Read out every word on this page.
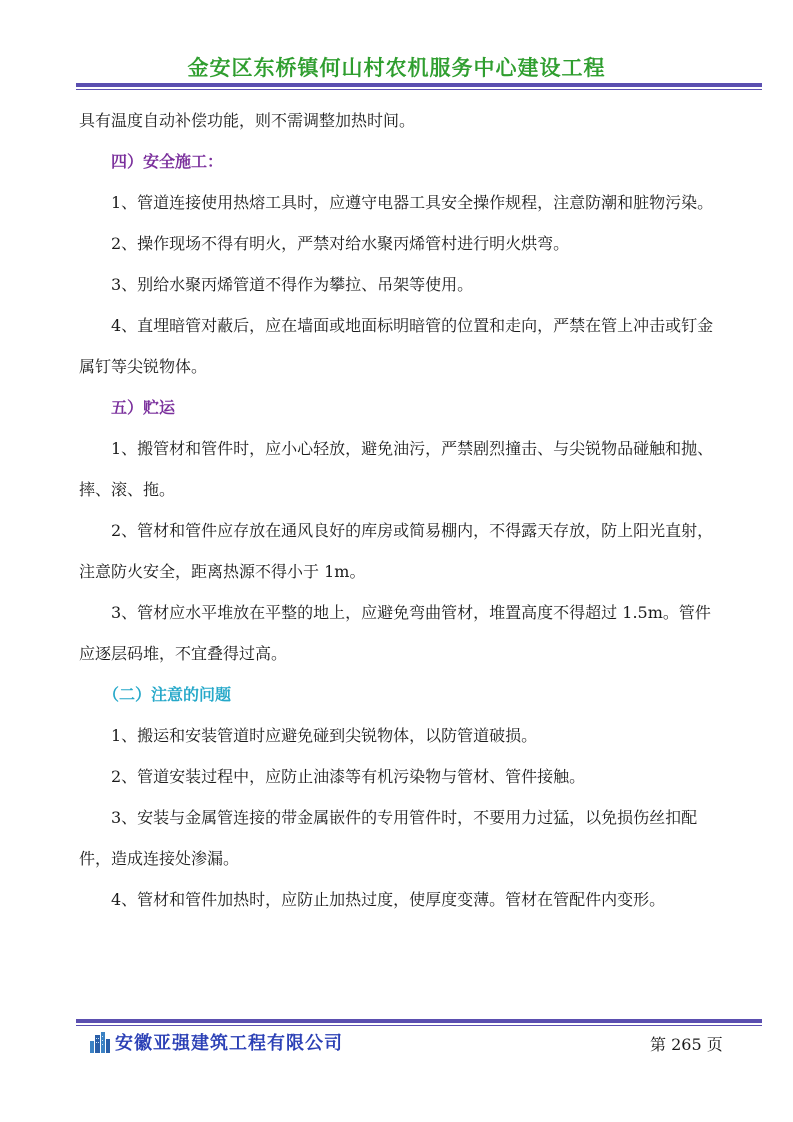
金安区东桥镇何山村农机服务中心建设工程

具有温度自动补偿功能，则不需调整加热时间。

四）安全施工：

1、管道连接使用热熔工具时，应遵守电器工具安全操作规程，注意防潮和脏物污染。

2、操作现场不得有明火，严禁对给水聚丙烯管村进行明火烘弯。

3、别给水聚丙烯管道不得作为攀拉、吊架等使用。

4、直埋暗管对蔽后，应在墙面或地面标明暗管的位置和走向，严禁在管上冲击或钉金属钉等尖锐物体。

五）贮运

1、搬管材和管件时，应小心轻放，避免油污，严禁剧烈撞击、与尖锐物品碰触和抛、摔、滚、拖。

2、管材和管件应存放在通风良好的库房或简易棚内，不得露天存放，防上阳光直射，注意防火安全，距离热源不得小于 1m。

3、管材应水平堆放在平整的地上，应避免弯曲管材，堆置高度不得超过 1.5m。管件应逐层码堆，不宜叠得过高。

（二）注意的问题

1、搬运和安装管道时应避免碰到尖锐物体，以防管道破损。

2、管道安装过程中，应防止油漆等有机污染物与管材、管件接触。

3、安装与金属管连接的带金属嵌件的专用管件时，不要用力过猛，以免损伤丝扣配件，造成连接处渗漏。

4、管材和管件加热时，应防止加热过度，使厚度变薄。管材在管配件内变形。

安徽亚强建筑工程有限公司	第 265 页
